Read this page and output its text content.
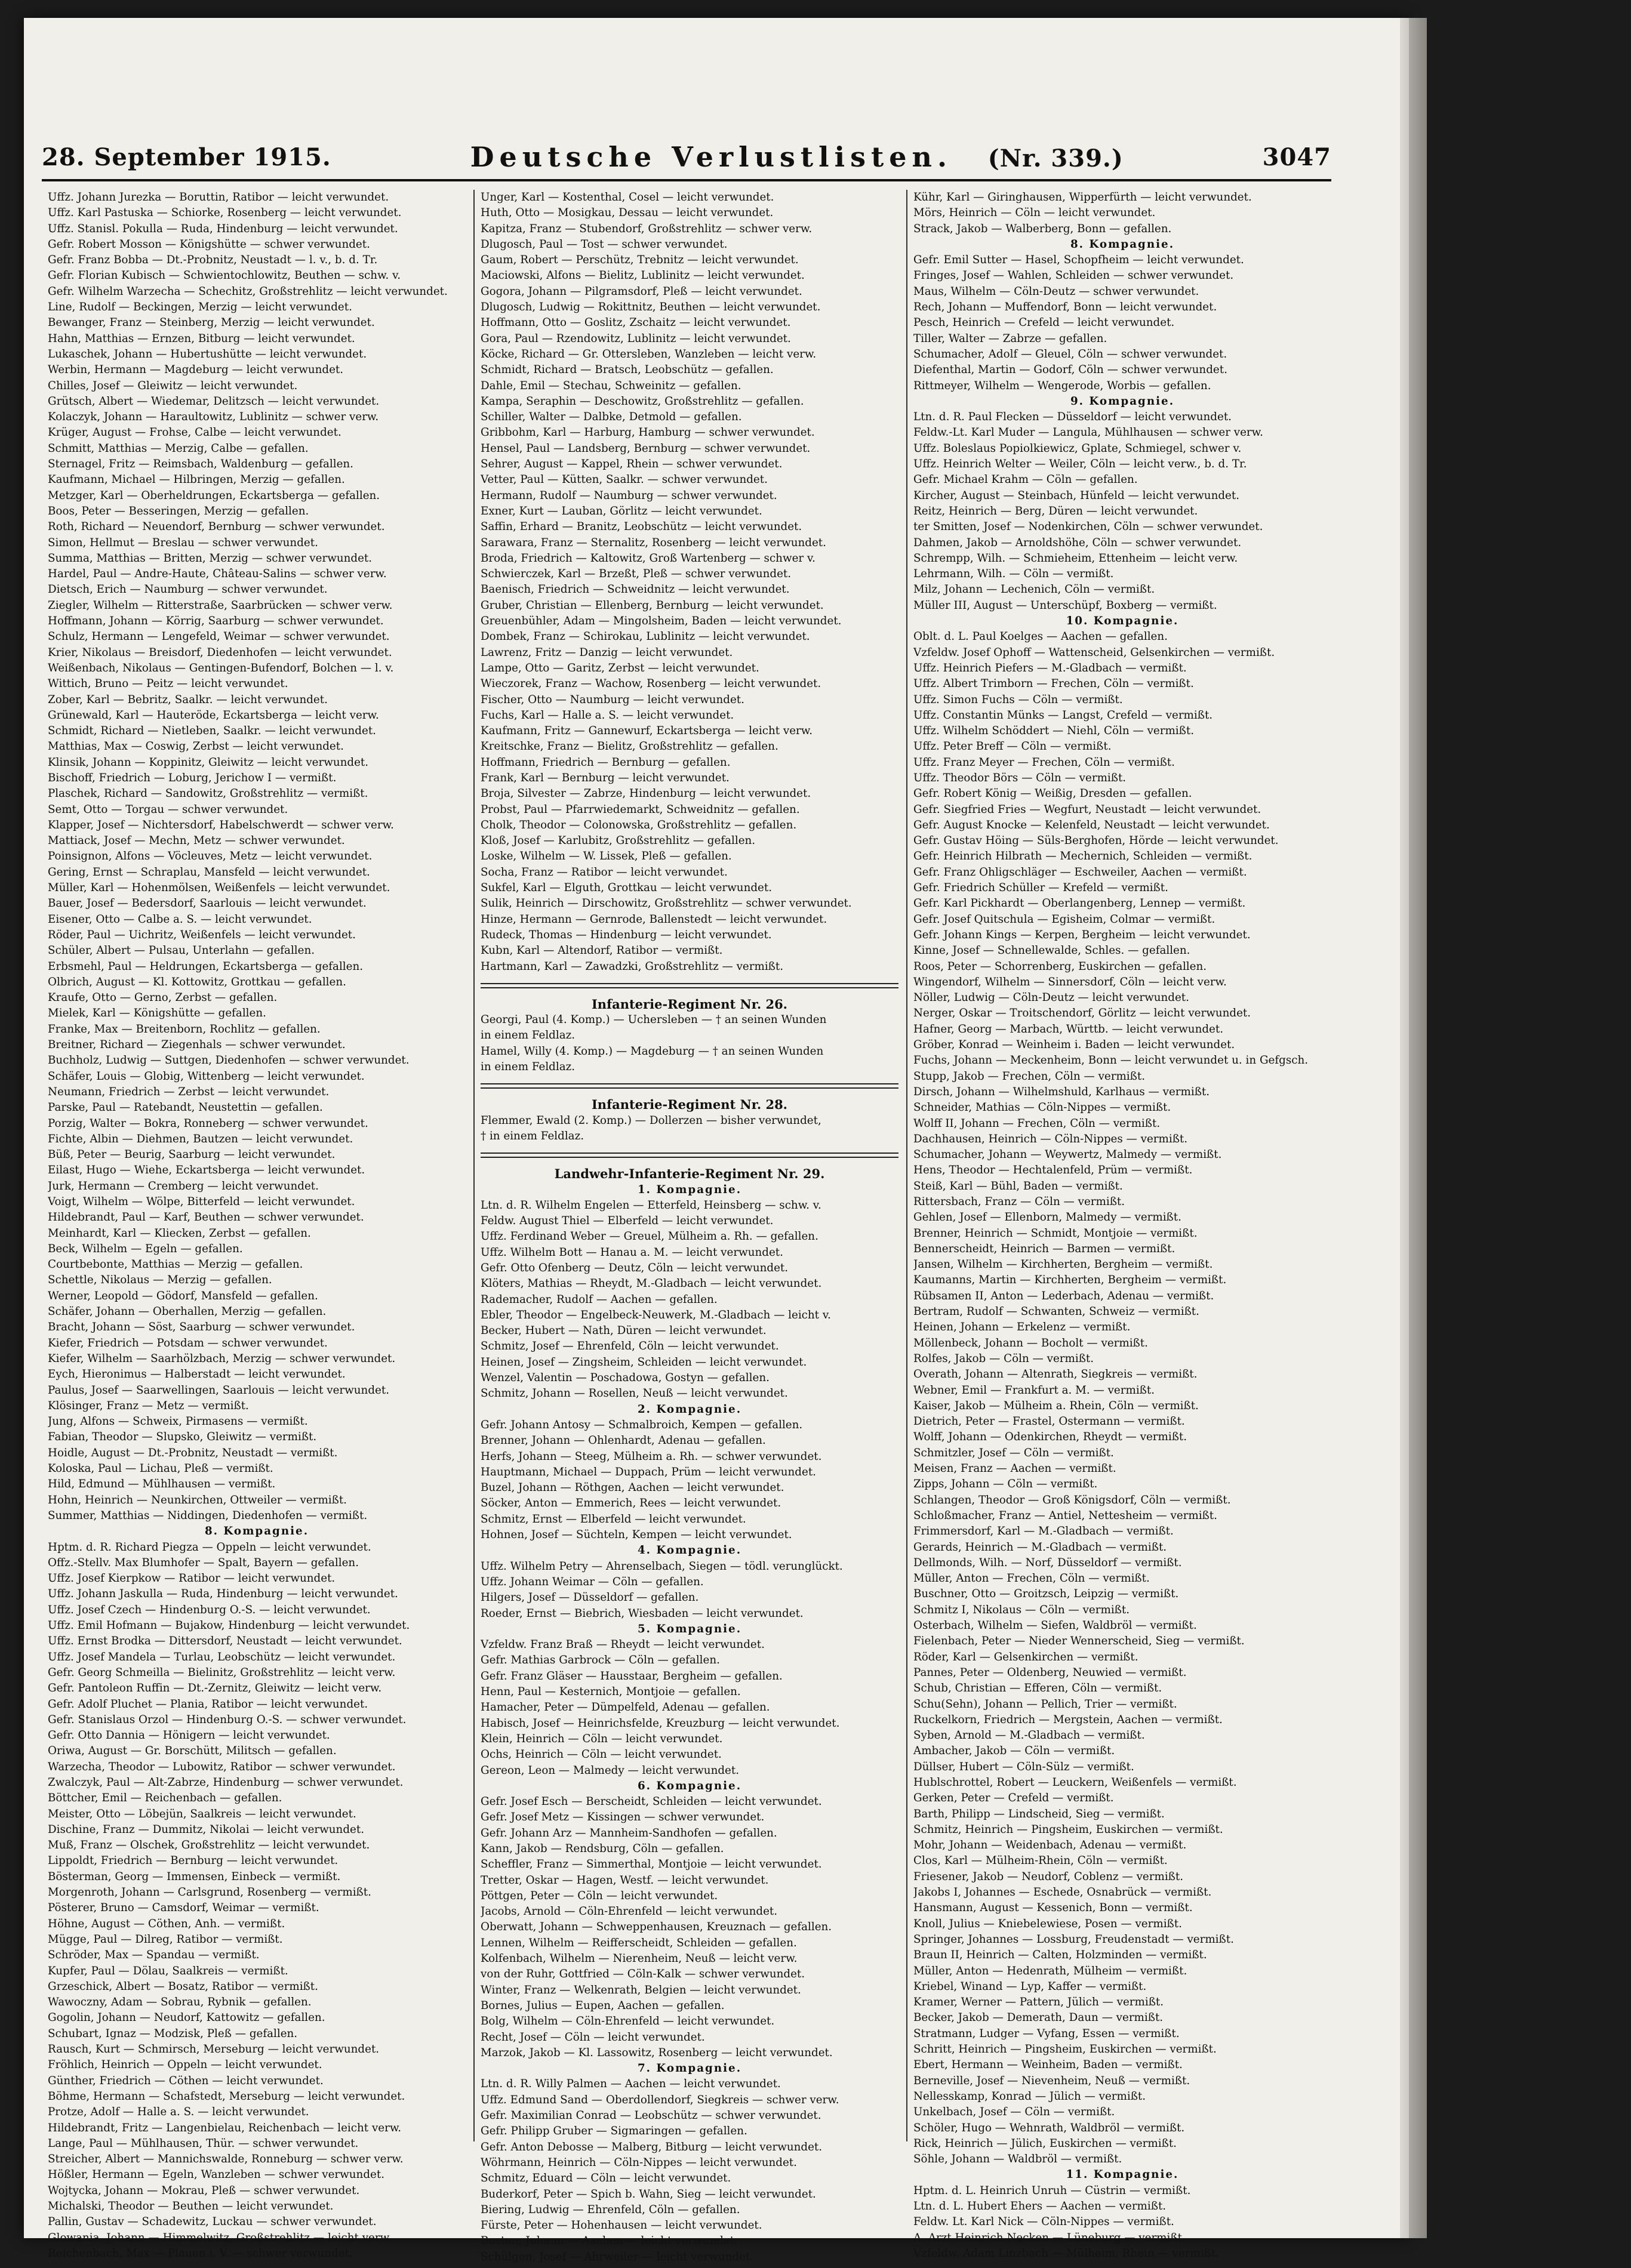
28. September 1915.	Deutsche Verlustlisten. (Nr. 339.)	3047
Uffz. Johann Jurezka — Boruttin, Ratibor — leicht verwundet.
Uffz. Karl Pastuska — Schiorke, Rosenberg — leicht verwundet.
Uffz. Stanisl. Pokulla — Ruda, Hindenburg — leicht verwundet.
Gefr. Robert Mosson — Königshütte — schwer verwundet.
Gefr. Franz Bobba — Dt.-Probnitz, Neustadt — l. v., b. d. Tr.
Gefr. Florian Kubisch — Schwientochlowitz, Beuthen — schw. v.
Gefr. Wilhelm Warzecha — Schechitz, Großstrehlitz — leicht verwundet.
Line, Rudolf — Beckingen, Merzig — leicht verwundet.
Bewanger, Franz — Steinberg, Merzig — leicht verwundet.
Hahn, Matthias — Ernzen, Bitburg — leicht verwundet.
Lukaschek, Johann — Hubertushütte — leicht verwundet.
Werbin, Hermann — Magdeburg — leicht verwundet.
Chilles, Josef — Gleiwitz — leicht verwundet.
Grütsch, Albert — Wiedemar, Delitzsch — leicht verwundet.
Kolaczyk, Johann — Haraultowitz, Lublinitz — schwer verw.
Krüger, August — Frohse, Calbe — leicht verwundet.
Schmitt, Matthias — Merzig, Calbe — gefallen.
Sternagel, Fritz — Reimsbach, Waldenburg — gefallen.
Kaufmann, Michael — Hilbringen, Merzig — gefallen.
Metzger, Karl — Oberheldrungen, Eckartsberga — gefallen.
Boos, Peter — Besseringen, Merzig — gefallen.
Roth, Richard — Neuendorf, Bernburg — schwer verwundet.
Simon, Hellmut — Breslau — schwer verwundet.
Summa, Matthias — Britten, Merzig — schwer verwundet.
Hardel, Paul — Andre-Haute, Château-Salins — schwer verw.
Dietsch, Erich — Naumburg — schwer verwundet.
Ziegler, Wilhelm — Ritterstraße, Saarbrücken — schwer verw.
Hoffmann, Johann — Körrig, Saarburg — schwer verwundet.
Schulz, Hermann — Lengefeld, Weimar — schwer verwundet.
Krier, Nikolaus — Breisdorf, Diedenhofen — leicht verwundet.
Weißenbach, Nikolaus — Gentingen-Bufendorf, Bolchen — l. v.
Wittich, Bruno — Peitz — leicht verwundet.
Zober, Karl — Bebritz, Saalkr. — leicht verwundet.
Grünewald, Karl — Hauteröde, Eckartsberga — leicht verw.
Schmidt, Richard — Nietleben, Saalkr. — leicht verwundet.
Matthias, Max — Coswig, Zerbst — leicht verwundet.
Klinsik, Johann — Koppinitz, Gleiwitz — leicht verwundet.
Bischoff, Friedrich — Loburg, Jerichow I — vermißt.
Plaschek, Richard — Sandowitz, Großstrehlitz — vermißt.
Semt, Otto — Torgau — schwer verwundet.
Klapper, Josef — Nichtersdorf, Habelschwerdt — schwer verw.
Mattiack, Josef — Mechn, Metz — schwer verwundet.
Poinsignon, Alfons — Vöcleuves, Metz — leicht verwundet.
Gering, Ernst — Schraplau, Mansfeld — leicht verwundet.
Müller, Karl — Hohenmölsen, Weißenfels — leicht verwundet.
Bauer, Josef — Bedersdorf, Saarlouis — leicht verwundet.
Eisener, Otto — Calbe a. S. — leicht verwundet.
Röder, Paul — Uichritz, Weißenfels — leicht verwundet.
Schüler, Albert — Pulsau, Unterlahn — gefallen.
Erbsmehl, Paul — Heldrungen, Eckartsberga — gefallen.
Olbrich, August — Kl. Kottowitz, Grottkau — gefallen.
Kraufe, Otto — Gerno, Zerbst — gefallen.
Mielek, Karl — Königshütte — gefallen.
Franke, Max — Breitenborn, Rochlitz — gefallen.
Breitner, Richard — Ziegenhals — schwer verwundet.
Buchholz, Ludwig — Suttgen, Diedenhofen — schwer verwundet.
Schäfer, Louis — Globig, Wittenberg — leicht verwundet.
Neumann, Friedrich — Zerbst — leicht verwundet.
Parske, Paul — Ratebandt, Neustettin — gefallen.
Porzig, Walter — Bokra, Ronneberg — schwer verwundet.
Fichte, Albin — Diehmen, Bautzen — leicht verwundet.
Büß, Peter — Beurig, Saarburg — leicht verwundet.
Eilast, Hugo — Wiehe, Eckartsberga — leicht verwundet.
Jurk, Hermann — Cremberg — leicht verwundet.
Voigt, Wilhelm — Wölpe, Bitterfeld — leicht verwundet.
Hildebrandt, Paul — Karf, Beuthen — schwer verwundet.
Meinhardt, Karl — Kliecken, Zerbst — gefallen.
Beck, Wilhelm — Egeln — gefallen.
Courtbebonte, Matthias — Merzig — gefallen.
Schettle, Nikolaus — Merzig — gefallen.
Werner, Leopold — Gödorf, Mansfeld — gefallen.
Schäfer, Johann — Oberhallen, Merzig — gefallen.
Bracht, Johann — Söst, Saarburg — schwer verwundet.
Kiefer, Friedrich — Potsdam — schwer verwundet.
Kiefer, Wilhelm — Saarhölzbach, Merzig — schwer verwundet.
Eych, Hieronimus — Halberstadt — leicht verwundet.
Paulus, Josef — Saarwellingen, Saarlouis — leicht verwundet.
Klösinger, Franz — Metz — vermißt.
Jung, Alfons — Schweix, Pirmasens — vermißt.
Fabian, Theodor — Slupsko, Gleiwitz — vermißt.
Hoidle, August — Dt.-Probnitz, Neustadt — vermißt.
Koloska, Paul — Lichau, Pleß — vermißt.
Hild, Edmund — Mühlhausen — vermißt.
Hohn, Heinrich — Neunkirchen, Ottweiler — vermißt.
Summer, Matthias — Niddingen, Diedenhofen — vermißt.
8. Kompagnie.
Hptm. d. R. Richard Piegza — Oppeln — leicht verwundet.
Offz.-Stellv. Max Blumhofer — Spalt, Bayern — gefallen.
Uffz. Josef Kierpkow — Ratibor — leicht verwundet.
Uffz. Johann Jaskulla — Ruda, Hindenburg — leicht verwundet.
Uffz. Josef Czech — Hindenburg O.-S. — leicht verwundet.
Uffz. Emil Hofmann — Bujakow, Hindenburg — leicht verwundet.
Uffz. Ernst Brodka — Dittersdorf, Neustadt — leicht verwundet.
Uffz. Josef Mandela — Turlau, Leobschütz — leicht verwundet.
Gefr. Georg Schmeilla — Bielinitz, Großstrehlitz — leicht verw.
Gefr. Pantoleon Ruffin — Dt.-Zernitz, Gleiwitz — leicht verw.
Gefr. Adolf Pluchet — Plania, Ratibor — leicht verwundet.
Gefr. Stanislaus Orzol — Hindenburg O.-S. — schwer verwundet.
Gefr. Otto Dannia — Hönigern — leicht verwundet.
Oriwa, August — Gr. Borschütt, Militsch — gefallen.
Warzecha, Theodor — Lubowitz, Ratibor — schwer verwundet.
Zwalczyk, Paul — Alt-Zabrze, Hindenburg — schwer verwundet.
Böttcher, Emil — Reichenbach — gefallen.
Meister, Otto — Löbejün, Saalkreis — leicht verwundet.
Dischine, Franz — Dummitz, Nikolai — leicht verwundet.
Muß, Franz — Olschek, Großstrehlitz — leicht verwundet.
Lippoldt, Friedrich — Bernburg — leicht verwundet.
Bösterman, Georg — Immensen, Einbeck — vermißt.
Morgenroth, Johann — Carlsgrund, Rosenberg — vermißt.
Pösterer, Bruno — Camsdorf, Weimar — vermißt.
Höhne, August — Cöthen, Anh. — vermißt.
Mügge, Paul — Dilreg, Ratibor — vermißt.
Schröder, Max — Spandau — vermißt.
Kupfer, Paul — Dölau, Saalkreis — vermißt.
Grzeschick, Albert — Bosatz, Ratibor — vermißt.
Wawoczny, Adam — Sobrau, Rybnik — gefallen.
Gogolin, Johann — Neudorf, Kattowitz — gefallen.
Schubart, Ignaz — Modzisk, Pleß — gefallen.
Rausch, Kurt — Schmirsch, Merseburg — leicht verwundet.
Fröhlich, Heinrich — Oppeln — leicht verwundet.
Günther, Friedrich — Cöthen — leicht verwundet.
Böhme, Hermann — Schafstedt, Merseburg — leicht verwundet.
Protze, Adolf — Halle a. S. — leicht verwundet.
Hildebrandt, Fritz — Langenbielau, Reichenbach — leicht verw.
Lange, Paul — Mühlhausen, Thür. — schwer verwundet.
Streicher, Albert — Mannichswalde, Ronneburg — schwer verw.
Hößler, Hermann — Egeln, Wanzleben — schwer verwundet.
Wojtycka, Johann — Mokrau, Pleß — schwer verwundet.
Michalski, Theodor — Beuthen — leicht verwundet.
Pallin, Gustav — Schadewitz, Luckau — schwer verwundet.
Glowania, Johann — Himmelwitz, Großstrehlitz — leicht verw.
Reichenbach, Max — Plauen i. V. — schwer verwundet.
Unger, Karl — Kostenthal, Cosel — leicht verwundet.
Huth, Otto — Mosigkau, Dessau — leicht verwundet.
Kapitza, Franz — Stubendorf, Großstrehlitz — schwer verw.
Dlugosch, Paul — Tost — schwer verwundet.
Gaum, Robert — Perschütz, Trebnitz — leicht verwundet.
Maciowski, Alfons — Bielitz, Lublinitz — leicht verwundet.
Gogora, Johann — Pilgramsdorf, Pleß — leicht verwundet.
Dlugosch, Ludwig — Rokittnitz, Beuthen — leicht verwundet.
Hoffmann, Otto — Goslitz, Zschaitz — leicht verwundet.
Gora, Paul — Rzendowitz, Lublinitz — leicht verwundet.
Köcke, Richard — Gr. Ottersleben, Wanzleben — leicht verw.
Schmidt, Richard — Bratsch, Leobschütz — gefallen.
Dahle, Emil — Stechau, Schweinitz — gefallen.
Kampa, Seraphin — Deschowitz, Großstrehlitz — gefallen.
Schiller, Walter — Dalbke, Detmold — gefallen.
Gribbohm, Karl — Harburg, Hamburg — schwer verwundet.
Hensel, Paul — Landsberg, Bernburg — schwer verwundet.
Sehrer, August — Kappel, Rhein — schwer verwundet.
Vetter, Paul — Kütten, Saalkr. — schwer verwundet.
Hermann, Rudolf — Naumburg — schwer verwundet.
Exner, Kurt — Lauban, Görlitz — leicht verwundet.
Saffin, Erhard — Branitz, Leobschütz — leicht verwundet.
Sarawara, Franz — Sternalitz, Rosenberg — leicht verwundet.
Broda, Friedrich — Kaltowitz, Groß Wartenberg — schwer v.
Schwierczek, Karl — Brzeßt, Pleß — schwer verwundet.
Baenisch, Friedrich — Schweidnitz — leicht verwundet.
Gruber, Christian — Ellenberg, Bernburg — leicht verwundet.
Greuenbühler, Adam — Mingolsheim, Baden — leicht verwundet.
Dombek, Franz — Schirokau, Lublinitz — leicht verwundet.
Lawrenz, Fritz — Danzig — leicht verwundet.
Lampe, Otto — Garitz, Zerbst — leicht verwundet.
Wieczorek, Franz — Wachow, Rosenberg — leicht verwundet.
Fischer, Otto — Naumburg — leicht verwundet.
Fuchs, Karl — Halle a. S. — leicht verwundet.
Kaufmann, Fritz — Gannewurf, Eckartsberga — leicht verw.
Kreitschke, Franz — Bielitz, Großstrehlitz — gefallen.
Hoffmann, Friedrich — Bernburg — gefallen.
Frank, Karl — Bernburg — leicht verwundet.
Broja, Silvester — Zabrze, Hindenburg — leicht verwundet.
Probst, Paul — Pfarrwiedemarkt, Schweidnitz — gefallen.
Cholk, Theodor — Colonowska, Großstrehlitz — gefallen.
Kloß, Josef — Karlubitz, Großstrehlitz — gefallen.
Loske, Wilhelm — W. Lissek, Pleß — gefallen.
Socha, Franz — Ratibor — leicht verwundet.
Sukfel, Karl — Elguth, Grottkau — leicht verwundet.
Sulik, Heinrich — Dirschowitz, Großstrehlitz — schwer verwundet.
Hinze, Hermann — Gernrode, Ballenstedt — leicht verwundet.
Rudeck, Thomas — Hindenburg — leicht verwundet.
Kubn, Karl — Altendorf, Ratibor — vermißt.
Hartmann, Karl — Zawadzki, Großstrehlitz — vermißt.
Infanterie-Regiment Nr. 26.
Georgi, Paul (4. Komp.) — Uchersleben — † an seinen Wunden
in einem Feldlaz.
Hamel, Willy (4. Komp.) — Magdeburg — † an seinen Wunden
in einem Feldlaz.
Infanterie-Regiment Nr. 28.
Flemmer, Ewald (2. Komp.) — Dollerzen — bisher verwundet,
† in einem Feldlaz.
Landwehr-Infanterie-Regiment Nr. 29.
1. Kompagnie.
Ltn. d. R. Wilhelm Engelen — Etterfeld, Heinsberg — schw. v.
Feldw. August Thiel — Elberfeld — leicht verwundet.
Uffz. Ferdinand Weber — Greuel, Mülheim a. Rh. — gefallen.
Uffz. Wilhelm Bott — Hanau a. M. — leicht verwundet.
Gefr. Otto Ofenberg — Deutz, Cöln — leicht verwundet.
Klöters, Mathias — Rheydt, M.-Gladbach — leicht verwundet.
Rademacher, Rudolf — Aachen — gefallen.
Ebler, Theodor — Engelbeck-Neuwerk, M.-Gladbach — leicht v.
Becker, Hubert — Nath, Düren — leicht verwundet.
Schmitz, Josef — Ehrenfeld, Cöln — leicht verwundet.
Heinen, Josef — Zingsheim, Schleiden — leicht verwundet.
Wenzel, Valentin — Poschadowa, Gostyn — gefallen.
Schmitz, Johann — Rosellen, Neuß — leicht verwundet.
2. Kompagnie.
Gefr. Johann Antosy — Schmalbroich, Kempen — gefallen.
Brenner, Johann — Ohlenhardt, Adenau — gefallen.
Herfs, Johann — Steeg, Mülheim a. Rh. — schwer verwundet.
Hauptmann, Michael — Duppach, Prüm — leicht verwundet.
Buzel, Johann — Röthgen, Aachen — leicht verwundet.
Söcker, Anton — Emmerich, Rees — leicht verwundet.
Schmitz, Ernst — Elberfeld — leicht verwundet.
Hohnen, Josef — Süchteln, Kempen — leicht verwundet.
4. Kompagnie.
Uffz. Wilhelm Petry — Ahrenselbach, Siegen — tödl. verunglückt.
Uffz. Johann Weimar — Cöln — gefallen.
Hilgers, Josef — Düsseldorf — gefallen.
Roeder, Ernst — Biebrich, Wiesbaden — leicht verwundet.
5. Kompagnie.
Vzfeldw. Franz Braß — Rheydt — leicht verwundet.
Gefr. Mathias Garbrock — Cöln — gefallen.
Gefr. Franz Gläser — Hausstaar, Bergheim — gefallen.
Henn, Paul — Kesternich, Montjoie — gefallen.
Hamacher, Peter — Dümpelfeld, Adenau — gefallen.
Habisch, Josef — Heinrichsfelde, Kreuzburg — leicht verwundet.
Klein, Heinrich — Cöln — leicht verwundet.
Ochs, Heinrich — Cöln — leicht verwundet.
Gereon, Leon — Malmedy — leicht verwundet.
6. Kompagnie.
Gefr. Josef Esch — Berscheidt, Schleiden — leicht verwundet.
Gefr. Josef Metz — Kissingen — schwer verwundet.
Gefr. Johann Arz — Mannheim-Sandhofen — gefallen.
Kann, Jakob — Rendsburg, Cöln — gefallen.
Scheffler, Franz — Simmerthal, Montjoie — leicht verwundet.
Tretter, Oskar — Hagen, Westf. — leicht verwundet.
Pöttgen, Peter — Cöln — leicht verwundet.
Jacobs, Arnold — Cöln-Ehrenfeld — leicht verwundet.
Oberwatt, Johann — Schweppenhausen, Kreuznach — gefallen.
Lennen, Wilhelm — Reifferscheidt, Schleiden — gefallen.
Kolfenbach, Wilhelm — Nierenheim, Neuß — leicht verw.
von der Ruhr, Gottfried — Cöln-Kalk — schwer verwundet.
Winter, Franz — Welkenrath, Belgien — leicht verwundet.
Bornes, Julius — Eupen, Aachen — gefallen.
Bolg, Wilhelm — Cöln-Ehrenfeld — leicht verwundet.
Recht, Josef — Cöln — leicht verwundet.
Marzok, Jakob — Kl. Lassowitz, Rosenberg — leicht verwundet.
7. Kompagnie.
Ltn. d. R. Willy Palmen — Aachen — leicht verwundet.
Uffz. Edmund Sand — Oberdollendorf, Siegkreis — schwer verw.
Gefr. Maximilian Conrad — Leobschütz — schwer verwundet.
Gefr. Philipp Gruber — Sigmaringen — gefallen.
Gefr. Anton Debosse — Malberg, Bitburg — leicht verwundet.
Wöhrmann, Heinrich — Cöln-Nippes — leicht verwundet.
Schmitz, Eduard — Cöln — leicht verwundet.
Buderkorf, Peter — Spich b. Wahn, Sieg — leicht verwundet.
Biering, Ludwig — Ehrenfeld, Cöln — gefallen.
Fürste, Peter — Hohenhausen — leicht verwundet.
Bosten, Johann — Aachen — leicht verwundet.
Schülgen, Josef — Ahrweiler — leicht verwundet.
Kühr, Karl — Giringhausen, Wipperfürth — leicht verwundet.
Mörs, Heinrich — Cöln — leicht verwundet.
Strack, Jakob — Walberberg, Bonn — gefallen.
8. Kompagnie.
Gefr. Emil Sutter — Hasel, Schopfheim — leicht verwundet.
Fringes, Josef — Wahlen, Schleiden — schwer verwundet.
Maus, Wilhelm — Cöln-Deutz — schwer verwundet.
Rech, Johann — Muffendorf, Bonn — leicht verwundet.
Pesch, Heinrich — Crefeld — leicht verwundet.
Tiller, Walter — Zabrze — gefallen.
Schumacher, Adolf — Gleuel, Cöln — schwer verwundet.
Diefenthal, Martin — Godorf, Cöln — schwer verwundet.
Rittmeyer, Wilhelm — Wengerode, Worbis — gefallen.
9. Kompagnie.
Ltn. d. R. Paul Flecken — Düsseldorf — leicht verwundet.
Feldw.-Lt. Karl Muder — Langula, Mühlhausen — schwer verw.
Uffz. Boleslaus Popiolkiewicz, Gplate, Schmiegel, schwer v.
Uffz. Heinrich Welter — Weiler, Cöln — leicht verw., b. d. Tr.
Gefr. Michael Krahm — Cöln — gefallen.
Kircher, August — Steinbach, Hünfeld — leicht verwundet.
Reitz, Heinrich — Berg, Düren — leicht verwundet.
ter Smitten, Josef — Nodenkirchen, Cöln — schwer verwundet.
Dahmen, Jakob — Arnoldshöhe, Cöln — schwer verwundet.
Schrempp, Wilh. — Schmieheim, Ettenheim — leicht verw.
Lehrmann, Wilh. — Cöln — vermißt.
Milz, Johann — Lechenich, Cöln — vermißt.
Müller III, August — Unterschüpf, Boxberg — vermißt.
10. Kompagnie.
Oblt. d. L. Paul Koelges — Aachen — gefallen.
Vzfeldw. Josef Ophoff — Wattenscheid, Gelsenkirchen — vermißt.
Uffz. Heinrich Piefers — M.-Gladbach — vermißt.
Uffz. Albert Trimborn — Frechen, Cöln — vermißt.
Uffz. Simon Fuchs — Cöln — vermißt.
Uffz. Constantin Münks — Langst, Crefeld — vermißt.
Uffz. Wilhelm Schöddert — Niehl, Cöln — vermißt.
Uffz. Peter Breff — Cöln — vermißt.
Uffz. Franz Meyer — Frechen, Cöln — vermißt.
Uffz. Theodor Börs — Cöln — vermißt.
Gefr. Robert König — Weißig, Dresden — gefallen.
Gefr. Siegfried Fries — Wegfurt, Neustadt — leicht verwundet.
Gefr. August Knocke — Kelenfeld, Neustadt — leicht verwundet.
Gefr. Gustav Höing — Süls-Berghofen, Hörde — leicht verwundet.
Gefr. Heinrich Hilbrath — Mechernich, Schleiden — vermißt.
Gefr. Franz Ohligschläger — Eschweiler, Aachen — vermißt.
Gefr. Friedrich Schüller — Krefeld — vermißt.
Gefr. Karl Pickhardt — Oberlangenberg, Lennep — vermißt.
Gefr. Josef Quitschula — Egisheim, Colmar — vermißt.
Gefr. Johann Kings — Kerpen, Bergheim — leicht verwundet.
Kinne, Josef — Schnellewalde, Schles. — gefallen.
Roos, Peter — Schorrenberg, Euskirchen — gefallen.
Wingendorf, Wilhelm — Sinnersdorf, Cöln — leicht verw.
Nöller, Ludwig — Cöln-Deutz — leicht verwundet.
Nerger, Oskar — Troitschendorf, Görlitz — leicht verwundet.
Hafner, Georg — Marbach, Württb. — leicht verwundet.
Gröber, Konrad — Weinheim i. Baden — leicht verwundet.
Fuchs, Johann — Meckenheim, Bonn — leicht verwundet u. in Gefgsch.
Stupp, Jakob — Frechen, Cöln — vermißt.
Dirsch, Johann — Wilhelmshuld, Karlhaus — vermißt.
Schneider, Mathias — Cöln-Nippes — vermißt.
Wolff II, Johann — Frechen, Cöln — vermißt.
Dachhausen, Heinrich — Cöln-Nippes — vermißt.
Schumacher, Johann — Weywertz, Malmedy — vermißt.
Hens, Theodor — Hechtalenfeld, Prüm — vermißt.
Steiß, Karl — Bühl, Baden — vermißt.
Rittersbach, Franz — Cöln — vermißt.
Gehlen, Josef — Ellenborn, Malmedy — vermißt.
Brenner, Heinrich — Schmidt, Montjoie — vermißt.
Bennerscheidt, Heinrich — Barmen — vermißt.
Jansen, Wilhelm — Kirchherten, Bergheim — vermißt.
Kaumanns, Martin — Kirchherten, Bergheim — vermißt.
Rübsamen II, Anton — Lederbach, Adenau — vermißt.
Bertram, Rudolf — Schwanten, Schweiz — vermißt.
Heinen, Johann — Erkelenz — vermißt.
Möllenbeck, Johann — Bocholt — vermißt.
Rolfes, Jakob — Cöln — vermißt.
Overath, Johann — Altenrath, Siegkreis — vermißt.
Webner, Emil — Frankfurt a. M. — vermißt.
Kaiser, Jakob — Mülheim a. Rhein, Cöln — vermißt.
Dietrich, Peter — Frastel, Ostermann — vermißt.
Wolff, Johann — Odenkirchen, Rheydt — vermißt.
Schmitzler, Josef — Cöln — vermißt.
Meisen, Franz — Aachen — vermißt.
Zipps, Johann — Cöln — vermißt.
Schlangen, Theodor — Groß Königsdorf, Cöln — vermißt.
Schloßmacher, Franz — Antiel, Nettesheim — vermißt.
Frimmersdorf, Karl — M.-Gladbach — vermißt.
Gerards, Heinrich — M.-Gladbach — vermißt.
Dellmonds, Wilh. — Norf, Düsseldorf — vermißt.
Müller, Anton — Frechen, Cöln — vermißt.
Buschner, Otto — Groitzsch, Leipzig — vermißt.
Schmitz I, Nikolaus — Cöln — vermißt.
Osterbach, Wilhelm — Siefen, Waldbröl — vermißt.
Fielenbach, Peter — Nieder Wennerscheid, Sieg — vermißt.
Röder, Karl — Gelsenkirchen — vermißt.
Pannes, Peter — Oldenberg, Neuwied — vermißt.
Schub, Christian — Efferen, Cöln — vermißt.
Schu(Sehn), Johann — Pellich, Trier — vermißt.
Ruckelkorn, Friedrich — Mergstein, Aachen — vermißt.
Syben, Arnold — M.-Gladbach — vermißt.
Ambacher, Jakob — Cöln — vermißt.
Düllser, Hubert — Cöln-Sülz — vermißt.
Hublschrottel, Robert — Leuckern, Weißenfels — vermißt.
Gerken, Peter — Crefeld — vermißt.
Barth, Philipp — Lindscheid, Sieg — vermißt.
Schmitz, Heinrich — Pingsheim, Euskirchen — vermißt.
Mohr, Johann — Weidenbach, Adenau — vermißt.
Clos, Karl — Mülheim-Rhein, Cöln — vermißt.
Friesener, Jakob — Neudorf, Coblenz — vermißt.
Jakobs I, Johannes — Eschede, Osnabrück — vermißt.
Hansmann, August — Kessenich, Bonn — vermißt.
Knoll, Julius — Kniebelewiese, Posen — vermißt.
Springer, Johannes — Lossburg, Freudenstadt — vermißt.
Braun II, Heinrich — Calten, Holzminden — vermißt.
Müller, Anton — Hedenrath, Mülheim — vermißt.
Kriebel, Winand — Lyp, Kaffer — vermißt.
Kramer, Werner — Pattern, Jülich — vermißt.
Becker, Jakob — Demerath, Daun — vermißt.
Stratmann, Ludger — Vyfang, Essen — vermißt.
Schritt, Heinrich — Pingsheim, Euskirchen — vermißt.
Ebert, Hermann — Weinheim, Baden — vermißt.
Berneville, Josef — Nievenheim, Neuß — vermißt.
Nellesskamp, Konrad — Jülich — vermißt.
Unkelbach, Josef — Cöln — vermißt.
Schöler, Hugo — Wehnrath, Waldbröl — vermißt.
Rick, Heinrich — Jülich, Euskirchen — vermißt.
Söhle, Johann — Waldbröl — vermißt.
11. Kompagnie.
Hptm. d. L. Heinrich Unruh — Cüstrin — vermißt.
Ltn. d. L. Hubert Ehers — Aachen — vermißt.
Feldw. Lt. Karl Nick — Cöln-Nippes — vermißt.
A. Arzt Heinrich Necken — Lüneburg — vermißt.
Vzfeldw. Adam Linzbach — Mülheim, Rhein — vermißt.
